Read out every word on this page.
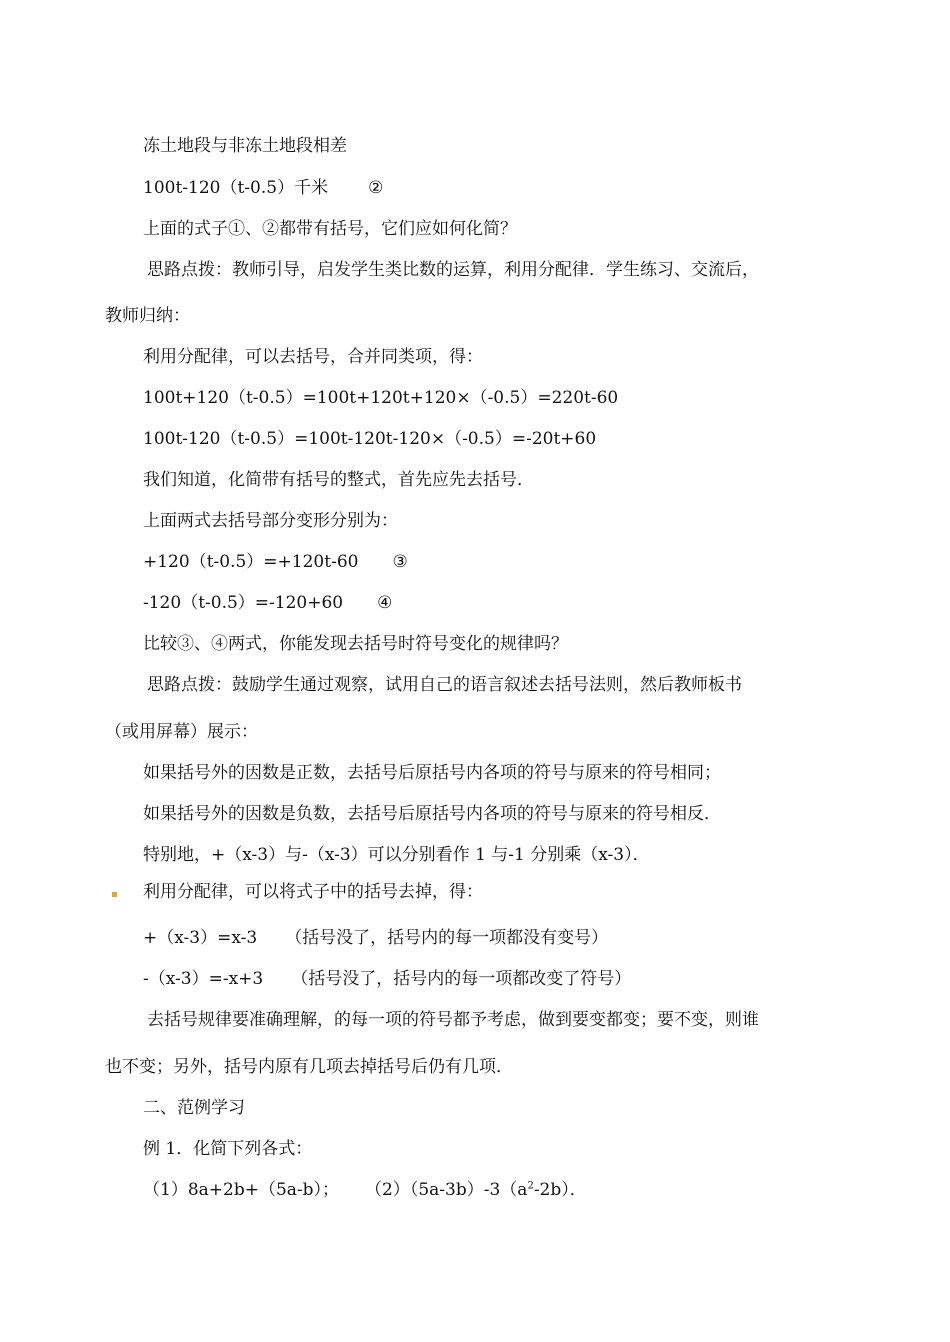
冻土地段与非冻土地段相差
100t-120（t-0.5）千米 ②
上面的式子①、②都带有括号，它们应如何化简？
思路点拨：教师引导，启发学生类比数的运算，利用分配律．学生练习、交流后，
教师归纳：
利用分配律，可以去括号，合并同类项，得：
100t+120（t-0.5）=100t+120t+120×（-0.5）=220t-60
100t-120（t-0.5）=100t-120t-120×（-0.5）=-20t+60
我们知道，化简带有括号的整式，首先应先去括号．
上面两式去括号部分变形分别为：
+120（t-0.5）=+120t-60 ③
-120（t-0.5）=-120+60 ④
比较③、④两式，你能发现去括号时符号变化的规律吗？
思路点拨：鼓励学生通过观察，试用自己的语言叙述去括号法则，然后教师板书
（或用屏幕）展示：
如果括号外的因数是正数，去括号后原括号内各项的符号与原来的符号相同；
如果括号外的因数是负数，去括号后原括号内各项的符号与原来的符号相反．
特别地，+（x-3）与-（x-3）可以分别看作 1 与-1 分别乘（x-3）．
利用分配律，可以将式子中的括号去掉，得：
+（x-3）=x-3 （括号没了，括号内的每一项都没有变号）
-（x-3）=-x+3 （括号没了，括号内的每一项都改变了符号）
去括号规律要准确理解，的每一项的符号都予考虑，做到要变都变；要不变，则谁
也不变；另外，括号内原有几项去掉括号后仍有几项．
二、范例学习
例 1．化简下列各式：
（1）8a+2b+（5a-b）； $(2)(5a-3b)-3(a^2-2b)$．
